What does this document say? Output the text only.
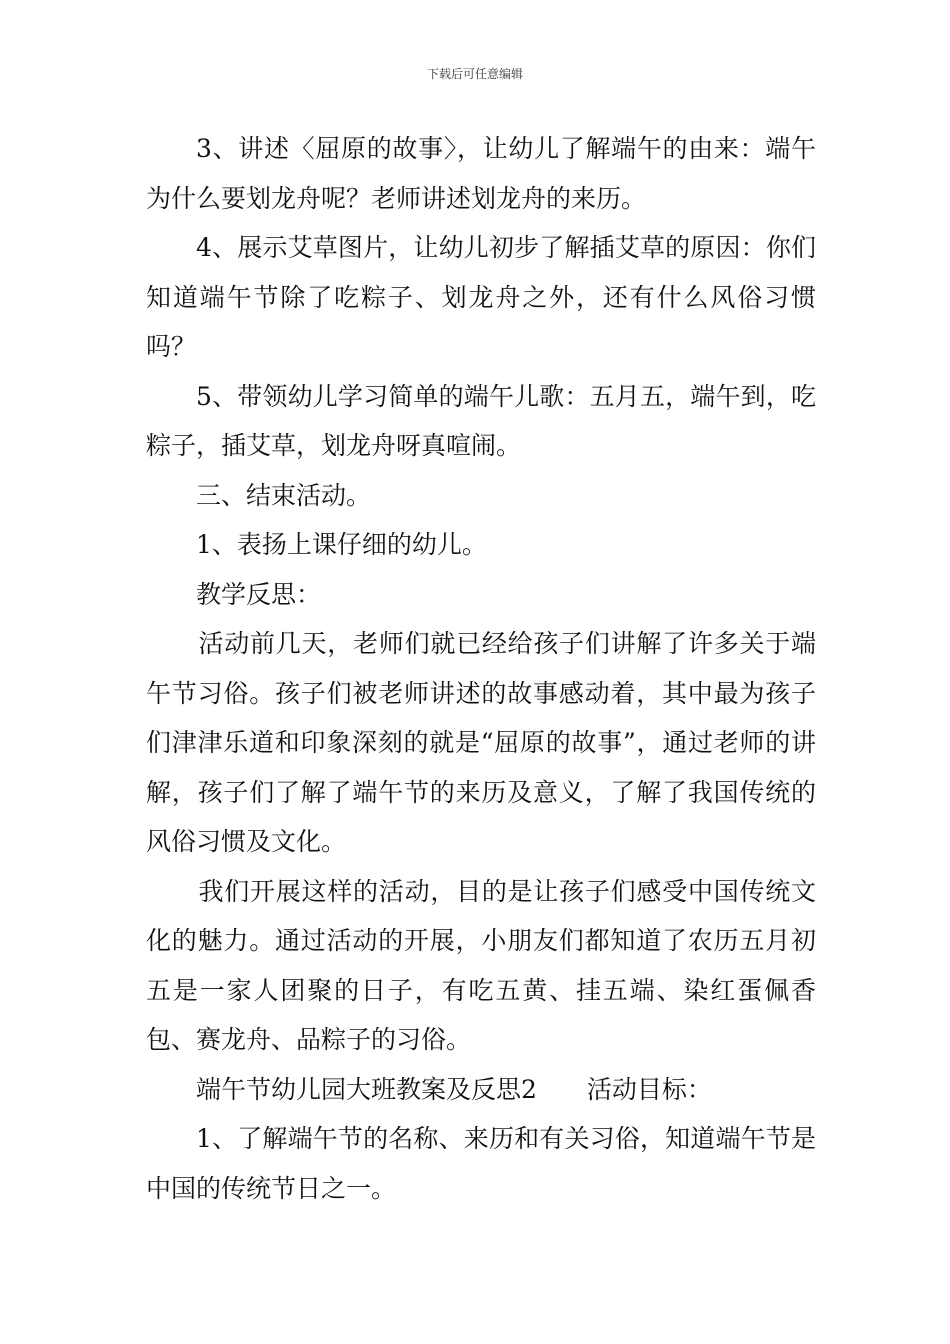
下载后可任意编辑

3、讲述〈屈原的故事〉，让幼儿了解端午的由来：端午为什么要划龙舟呢？老师讲述划龙舟的来历。

4、展示艾草图片，让幼儿初步了解插艾草的原因：你们知道端午节除了吃粽子、划龙舟之外，还有什么风俗习惯吗？

5、带领幼儿学习简单的端午儿歌：五月五，端午到，吃粽子，插艾草，划龙舟呀真喧闹。

三、结束活动。

1、表扬上课仔细的幼儿。

教学反思：

活动前几天，老师们就已经给孩子们讲解了许多关于端午节习俗。孩子们被老师讲述的故事感动着，其中最为孩子们津津乐道和印象深刻的就是“屈原的故事”，通过老师的讲解，孩子们了解了端午节的来历及意义，了解了我国传统的风俗习惯及文化。

我们开展这样的活动，目的是让孩子们感受中国传统文化的魅力。通过活动的开展，小朋友们都知道了农历五月初五是一家人团聚的日子，有吃五黄、挂五端、染红蛋佩香包、赛龙舟、品粽子的习俗。

端午节幼儿园大班教案及反思2 活动目标：

1、了解端午节的名称、来历和有关习俗，知道端午节是中国的传统节日之一。
